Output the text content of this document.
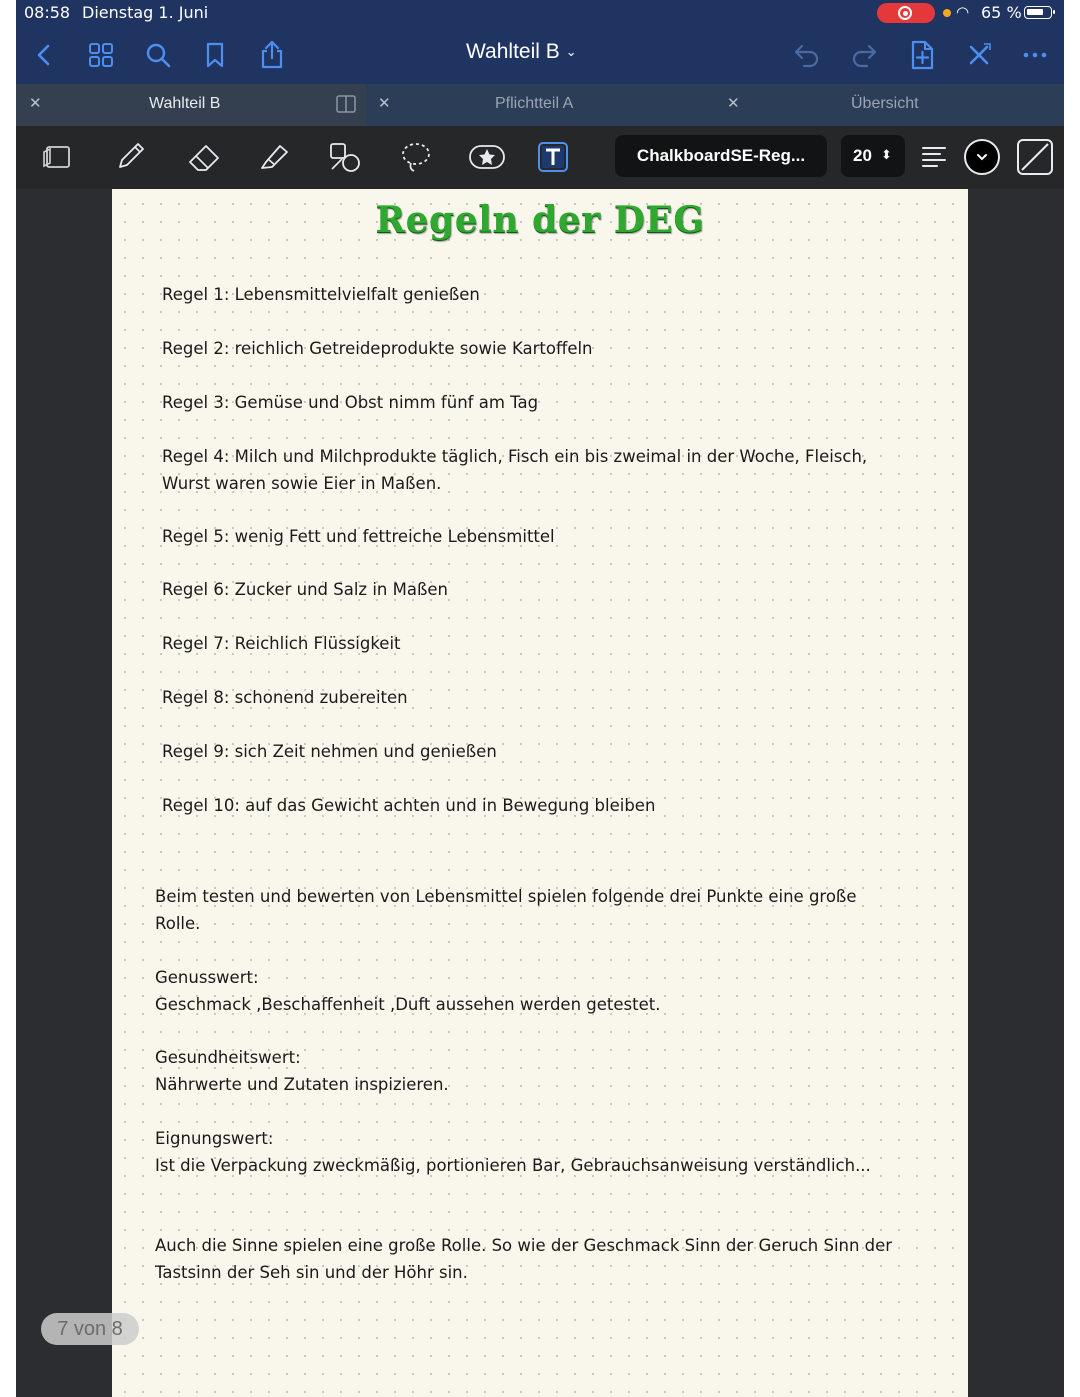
08:58 Dienstag 1. Juni	◠ 65 %
Wahlteil B ⌄
✕	Wahlteil B	✕	Pflichtteil A	✕	Übersicht
ChalkboardSE-Reg...	20 ⬍
Regeln der DEG
Regel 1: Lebensmittelvielfalt genießen
Regel 2: reichlich Getreideprodukte sowie Kartoffeln
Regel 3: Gemüse und Obst nimm fünf am Tag
Regel 4: Milch und Milchprodukte täglich, Fisch ein bis zweimal in der Woche, Fleisch,
Wurst waren sowie Eier in Maßen.
Regel 5: wenig Fett und fettreiche Lebensmittel
Regel 6: Zucker und Salz in Maßen
Regel 7: Reichlich Flüssigkeit
Regel 8: schonend zubereiten
Regel 9: sich Zeit nehmen und genießen
Regel 10: auf das Gewicht achten und in Bewegung bleiben
Beim testen und bewerten von Lebensmittel spielen folgende drei Punkte eine große
Rolle.
Genusswert:
Geschmack ,Beschaffenheit ,Duft aussehen werden getestet.
Gesundheitswert:
Nährwerte und Zutaten inspizieren.
Eignungswert:
Ist die Verpackung zweckmäßig, portionieren Bar, Gebrauchsanweisung verständlich...
Auch die Sinne spielen eine große Rolle. So wie der Geschmack Sinn der Geruch Sinn der
Tastsinn der Seh sin und der Höhr sin.
7 von 8
